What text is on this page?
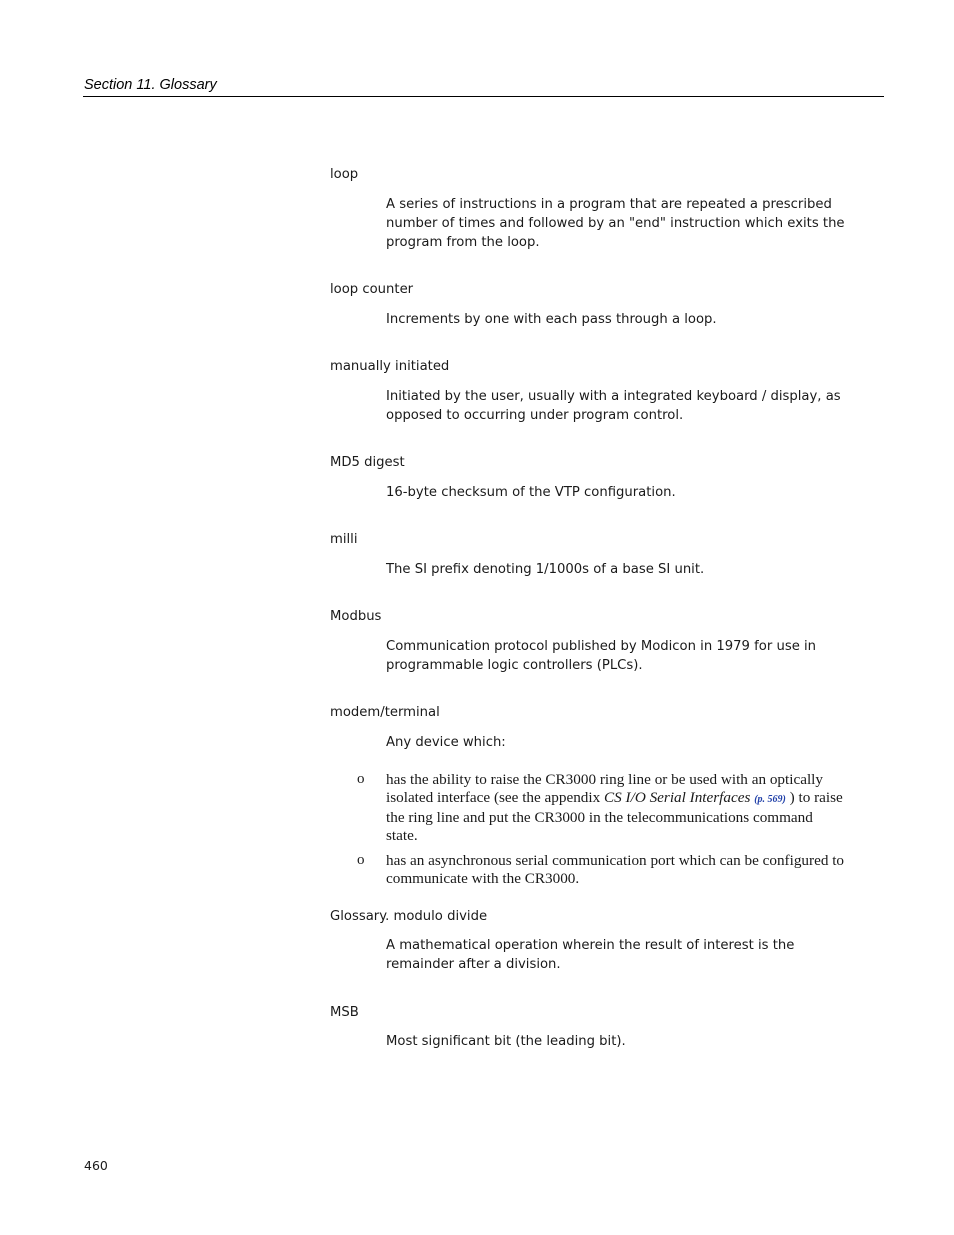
Section 11. Glossary
loop
A series of instructions in a program that are repeated a prescribed number of times and followed by an "end" instruction which exits the program from the loop.
loop counter
Increments by one with each pass through a loop.
manually initiated
Initiated by the user, usually with a integrated keyboard / display, as opposed to occurring under program control.
MD5 digest
16-byte checksum of the VTP configuration.
milli
The SI prefix denoting 1/1000s of a base SI unit.
Modbus
Communication protocol published by Modicon in 1979 for use in programmable logic controllers (PLCs).
modem/terminal
Any device which:
o has the ability to raise the CR3000 ring line or be used with an optically isolated interface (see the appendix CS I/O Serial Interfaces (p. 569) ) to raise the ring line and put the CR3000 in the telecommunications command state.
o has an asynchronous serial communication port which can be configured to communicate with the CR3000.
Glossary. modulo divide
A mathematical operation wherein the result of interest is the remainder after a division.
MSB
Most significant bit (the leading bit).
460
